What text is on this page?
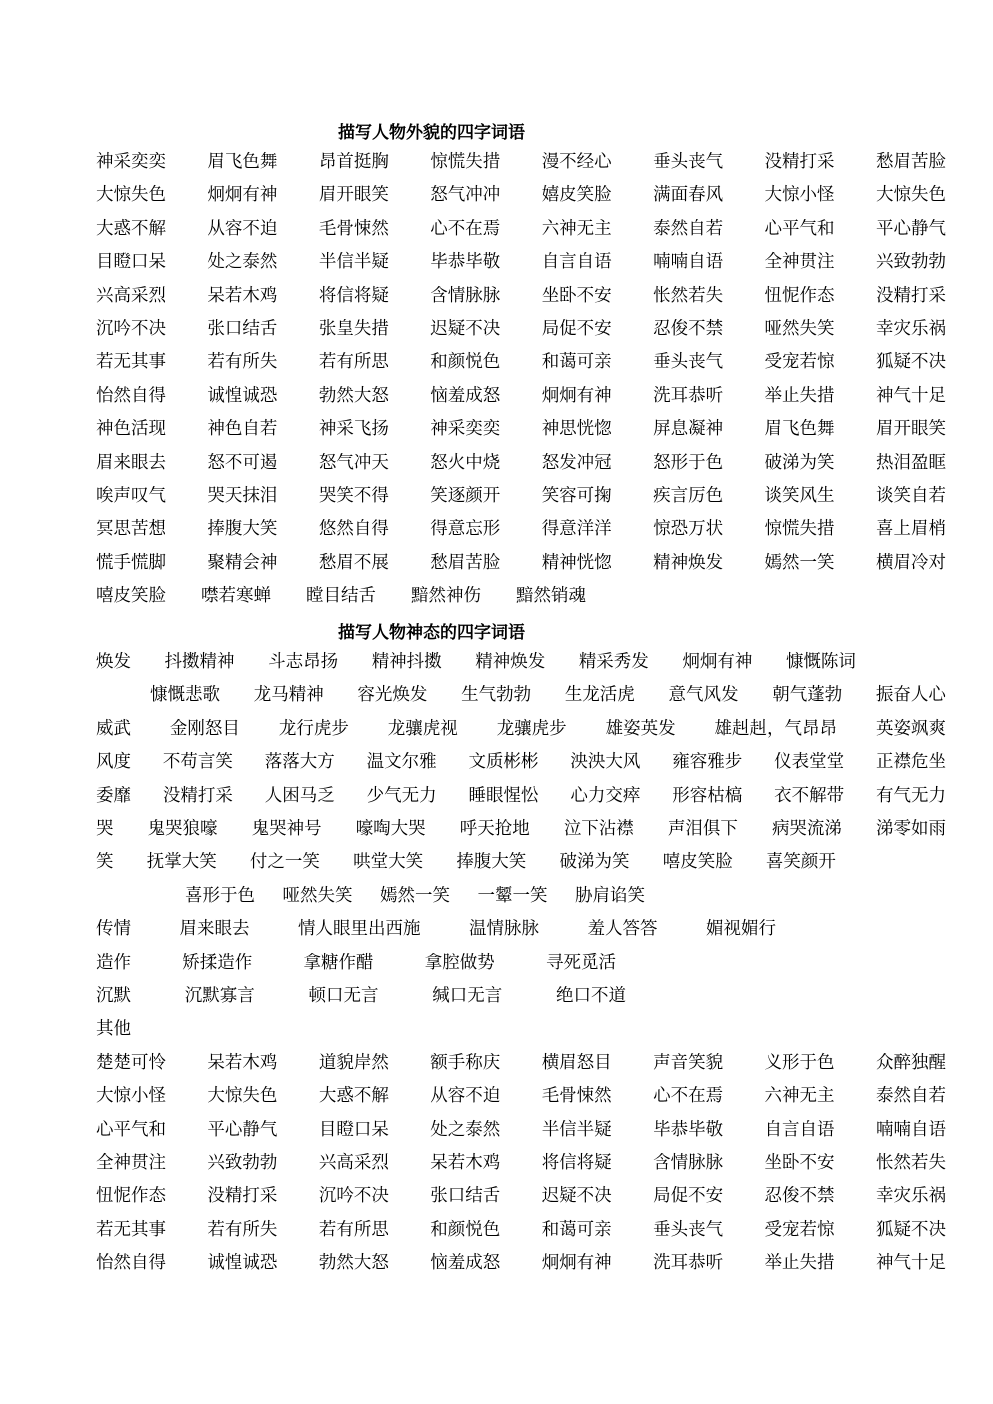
描写人物外貌的四字词语
神采奕奕 眉飞色舞 昂首挺胸 惊慌失措 漫不经心 垂头丧气 没精打采 愁眉苦脸
大惊失色 炯炯有神 眉开眼笑 怒气冲冲 嬉皮笑脸 满面春风 大惊小怪 大惊失色
大惑不解 从容不迫 毛骨悚然 心不在焉 六神无主 泰然自若 心平气和 平心静气
目瞪口呆 处之泰然 半信半疑 毕恭毕敬 自言自语 喃喃自语 全神贯注 兴致勃勃
兴高采烈 呆若木鸡 将信将疑 含情脉脉 坐卧不安 怅然若失 忸怩作态 没精打采
沉吟不决 张口结舌 张皇失措 迟疑不决 局促不安 忍俊不禁 哑然失笑 幸灾乐祸
若无其事 若有所失 若有所思 和颜悦色 和蔼可亲 垂头丧气 受宠若惊 狐疑不决
怡然自得 诚惶诚恐 勃然大怒 恼羞成怒 炯炯有神 洗耳恭听 举止失措 神气十足
神色活现 神色自若 神采飞扬 神采奕奕 神思恍惚 屏息凝神 眉飞色舞 眉开眼笑
眉来眼去 怒不可遏 怒气冲天 怒火中烧 怒发冲冠 怒形于色 破涕为笑 热泪盈眶
唉声叹气 哭天抹泪 哭笑不得 笑逐颜开 笑容可掬 疾言厉色 谈笑风生 谈笑自若
冥思苦想 捧腹大笑 悠然自得 得意忘形 得意洋洋 惊恐万状 惊慌失措 喜上眉梢
慌手慌脚 聚精会神 愁眉不展 愁眉苦脸 精神恍惚 精神焕发 嫣然一笑 横眉冷对
嘻皮笑脸 噤若寒蝉 瞠目结舌 黯然神伤 黯然销魂
描写人物神态的四字词语
焕发 抖擞精神 斗志昂扬 精神抖擞 精神焕发 精采秀发 炯炯有神 慷慨陈词
慷慨悲歌 龙马精神 容光焕发 生气勃勃 生龙活虎 意气风发 朝气蓬勃 振奋人心
威武 金刚怒目 龙行虎步 龙骧虎视 龙骧虎步 雄姿英发 雄赳赳，气昂昂 英姿飒爽
风度 不苟言笑 落落大方 温文尔雅 文质彬彬 泱泱大风 雍容雅步 仪表堂堂 正襟危坐
委靡 没精打采 人困马乏 少气无力 睡眼惺忪 心力交瘁 形容枯槁 衣不解带 有气无力
哭 鬼哭狼嚎 鬼哭神号 嚎啕大哭 呼天抢地 泣下沾襟 声泪俱下 病哭流涕 涕零如雨
笑 抚掌大笑 付之一笑 哄堂大笑 捧腹大笑 破涕为笑 嘻皮笑脸 喜笑颜开
喜形于色 哑然失笑 嫣然一笑 一颦一笑 胁肩谄笑
传情	眉来眼去	情人眼里出西施	温情脉脉	羞人答答	媚视媚行
造作	矫揉造作	拿糖作醋	拿腔做势	寻死觅活
沉默	沉默寡言	顿口无言	缄口无言	绝口不道
其他
楚楚可怜 呆若木鸡 道貌岸然 额手称庆 横眉怒目 声音笑貌 义形于色 众醉独醒
大惊小怪 大惊失色 大惑不解 从容不迫 毛骨悚然 心不在焉 六神无主 泰然自若
心平气和 平心静气 目瞪口呆 处之泰然 半信半疑 毕恭毕敬 自言自语 喃喃自语
全神贯注 兴致勃勃 兴高采烈 呆若木鸡 将信将疑 含情脉脉 坐卧不安 怅然若失
忸怩作态 没精打采 沉吟不决 张口结舌 迟疑不决 局促不安 忍俊不禁 幸灾乐祸
若无其事 若有所失 若有所思 和颜悦色 和蔼可亲 垂头丧气 受宠若惊 狐疑不决
怡然自得 诚惶诚恐 勃然大怒 恼羞成怒 炯炯有神 洗耳恭听 举止失措 神气十足
